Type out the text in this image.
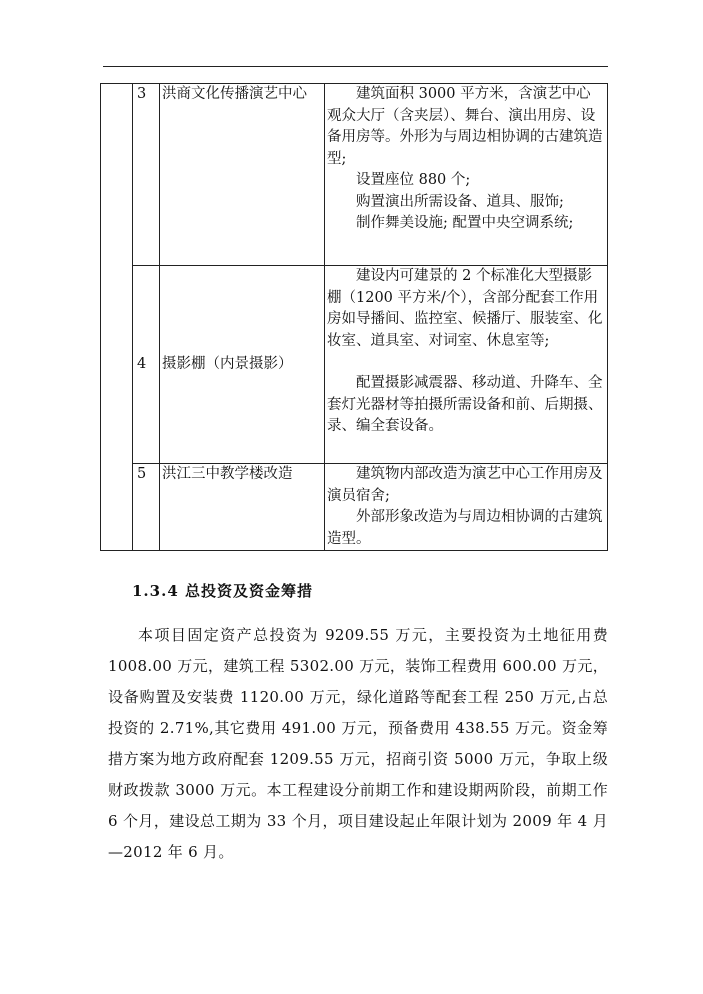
	3	洪商文化传播演艺中心	建筑面积 3000 平方米，含演艺中心观众大厅（含夹层）、舞台、演出用房、设备用房等。外形为与周边相协调的古建筑造型;

设置座位 880 个;

购置演出所需设备、道具、服饰;

制作舞美设施; 配置中央空调系统;

	4	摄影棚（内景摄影）	建设内可建景的 2 个标准化大型摄影棚（1200 平方米/个），含部分配套工作用房如导播间、监控室、候播厅、服装室、化妆室、道具室、对词室、休息室等;

配置摄影减震器、移动道、升降车、全套灯光器材等拍摄所需设备和前、后期摄、录、编全套设备。

	5	洪江三中教学楼改造	建筑物内部改造为演艺中心工作用房及演员宿舍;

外部形象改造为与周边相协调的古建筑造型。

1.3.4 总投资及资金筹措

本项目固定资产总投资为 9209.55 万元，主要投资为土地征用费 1008.00 万元，建筑工程 5302.00 万元，装饰工程费用 600.00 万元，设备购置及安装费 1120.00 万元，绿化道路等配套工程 250 万元,占总投资的 2.71%,其它费用 491.00 万元，预备费用 438.55 万元。资金筹措方案为地方政府配套 1209.55 万元，招商引资 5000 万元，争取上级财政拨款 3000 万元。本工程建设分前期工作和建设期两阶段，前期工作 6 个月，建设总工期为 33 个月，项目建设起止年限计划为 2009 年 4 月—2012 年 6 月。
